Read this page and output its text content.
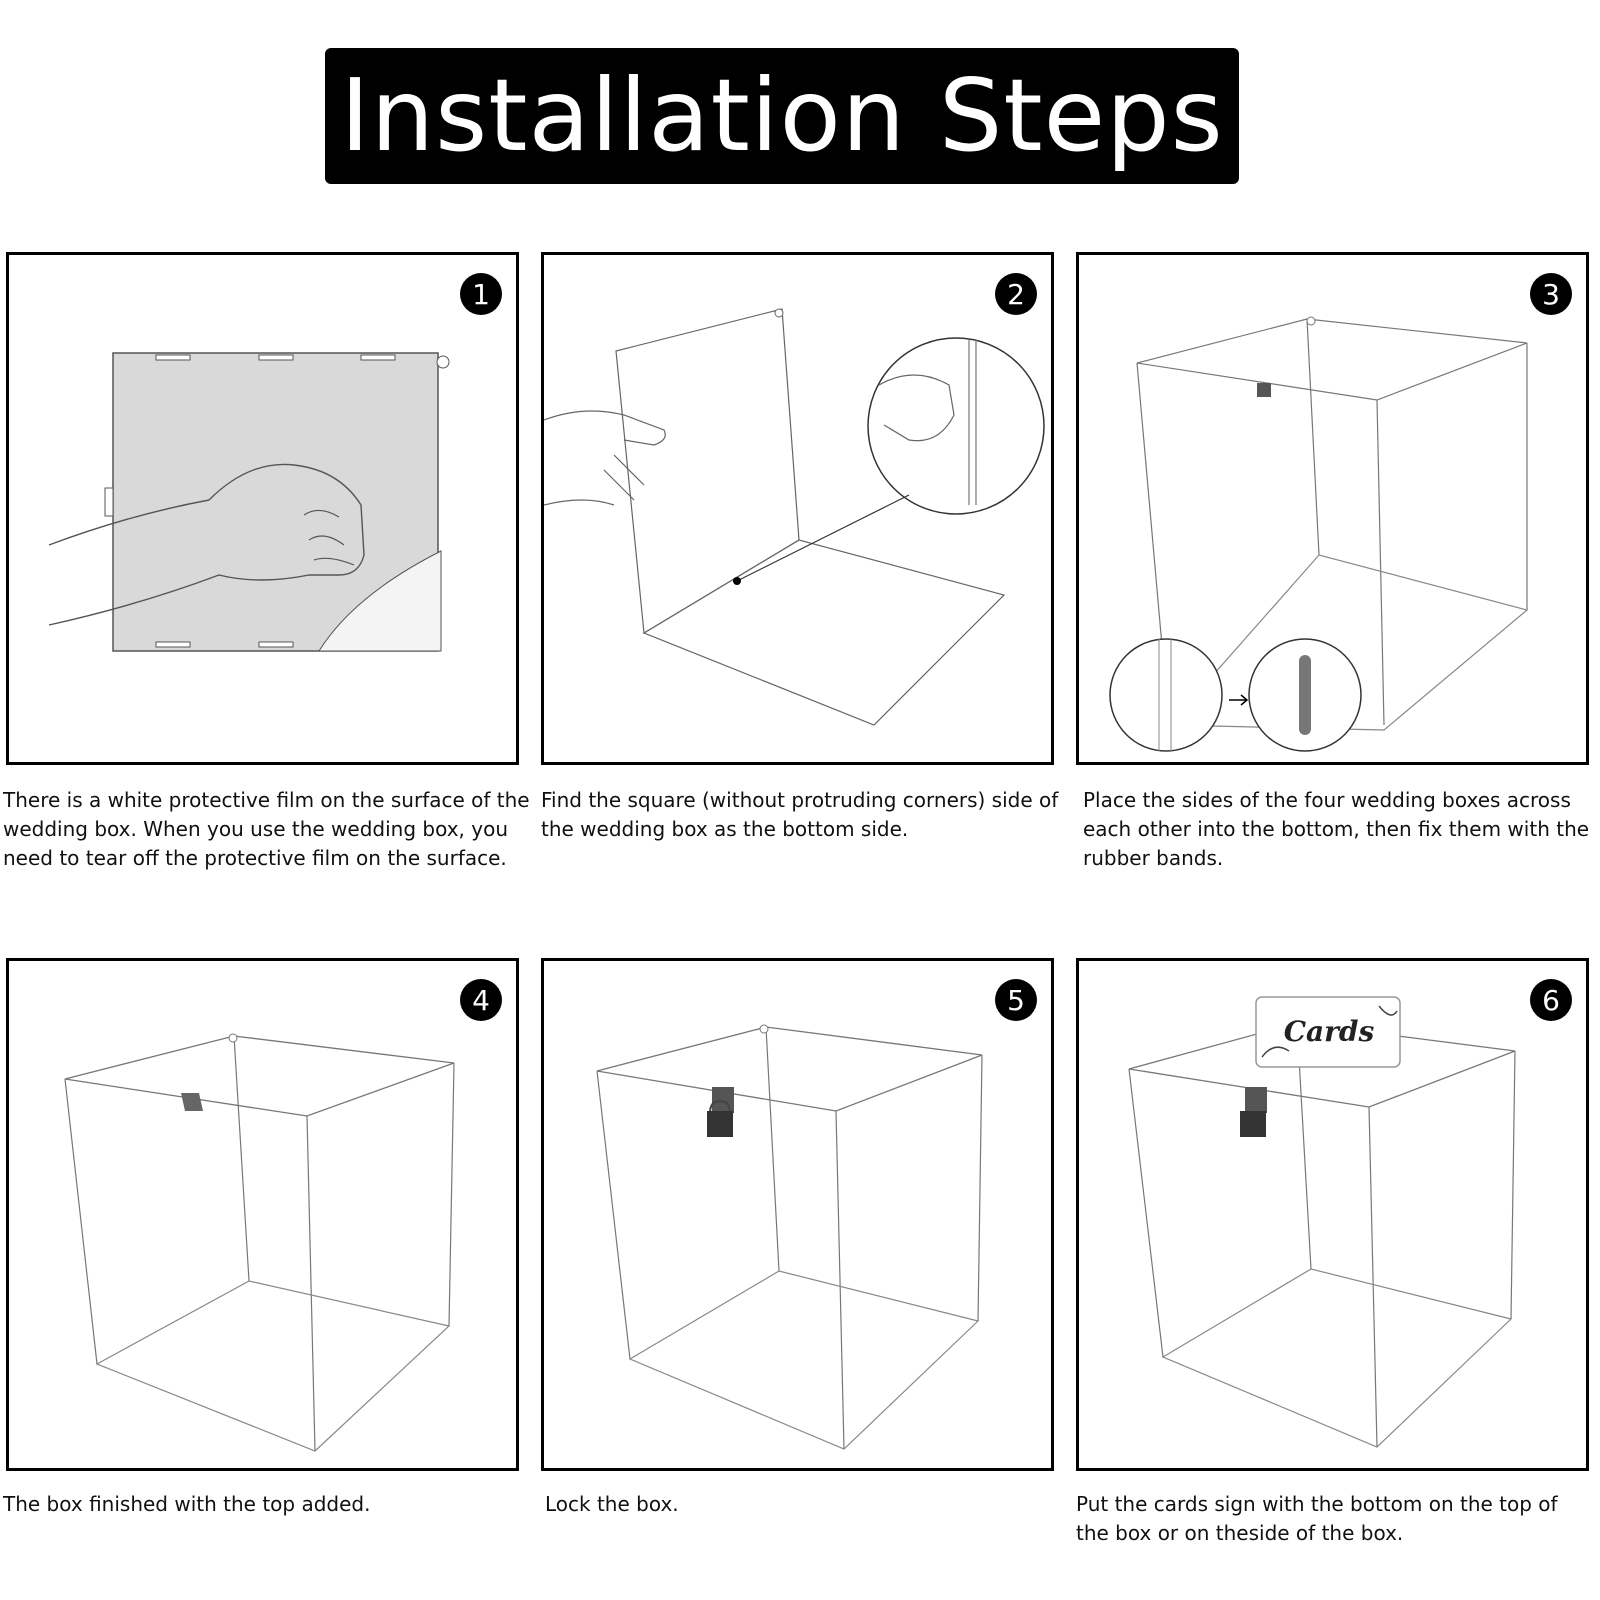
Installation Steps
1
There is a white protective film on the surface of the wedding box. When you use the wedding box, you need to tear off the protective film on the surface.
2
Find the square (without protruding corners) side of the wedding box as the bottom side.
3
Place the sides of the four wedding boxes across each other into the bottom, then fix them with the rubber bands.
4
The box finished with the top added.
5
Lock the box.
Cards
6
Put the cards sign with the bottom on the top of the box or on theside of the box.
